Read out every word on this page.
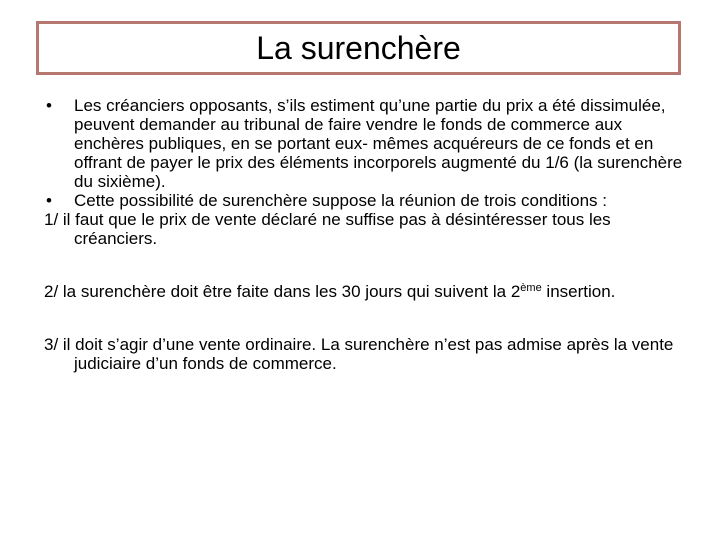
La surenchère
• Les créanciers opposants, s’ils estiment qu’une partie du prix a été dissimulée, peuvent demander au tribunal de faire vendre le fonds de commerce aux enchères publiques, en se portant eux- mêmes acquéreurs de ce fonds et en offrant de payer le prix des éléments incorporels augmenté du 1/6 (la surenchère du sixième).
• Cette possibilité de surenchère suppose la réunion de trois conditions :
1/ il faut que le prix de vente déclaré ne suffise pas à désintéresser tous les créanciers.
2/ la surenchère doit être faite dans les 30 jours qui suivent la 2ème insertion.
3/ il doit s’agir d’une vente ordinaire. La surenchère n’est pas admise après la vente judiciaire d’un fonds de commerce.
